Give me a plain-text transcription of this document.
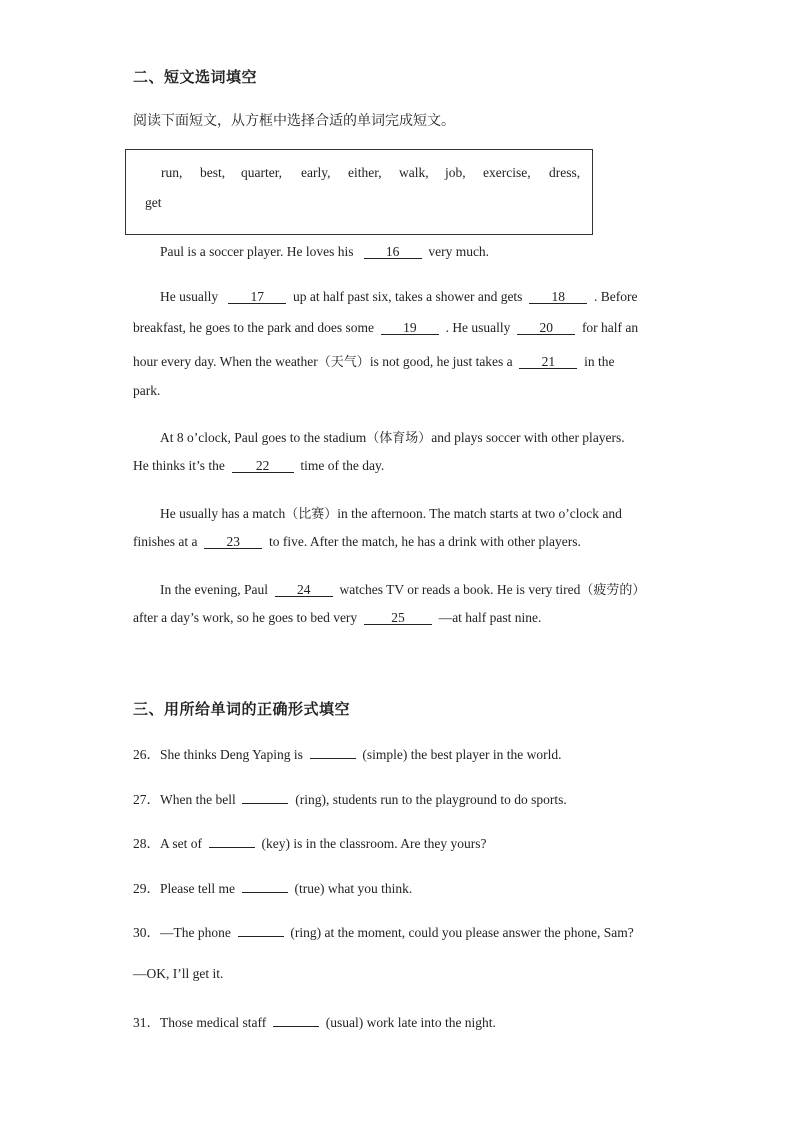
二、短文选词填空
阅读下面短文，从方框中选择合适的单词完成短文。
run, best, quarter, early, either, walk, job, exercise, dress,
get
Paul is a soccer player. He loves his 16 very much.
He usually 17 up at half past six, takes a shower and gets 18 . Before
breakfast, he goes to the park and does some 19 . He usually 20 for half an
hour every day. When the weather（天气）is not good, he just takes a 21 in the
park.
At 8 o’clock, Paul goes to the stadium（体育场）and plays soccer with other players.
He thinks it’s the 22 time of the day.
He usually has a match（比赛）in the afternoon. The match starts at two o’clock and
finishes at a 23 to five. After the match, he has a drink with other players.
In the evening, Paul 24 watches TV or reads a book. He is very tired（疲劳的）
after a day’s work, so he goes to bed very	25	—at half past nine.
三、用所给单词的正确形式填空
26．She thinks Deng Yaping is	(simple) the best player in the world.
27．When the bell	(ring), students run to the playground to do sports.
28．A set of	(key) is in the classroom. Are they yours?
29．Please tell me	(true) what you think.
30．—The phone	(ring) at the moment, could you please answer the phone, Sam?
—OK, I’ll get it.
31．Those medical staff	(usual) work late into the night.
